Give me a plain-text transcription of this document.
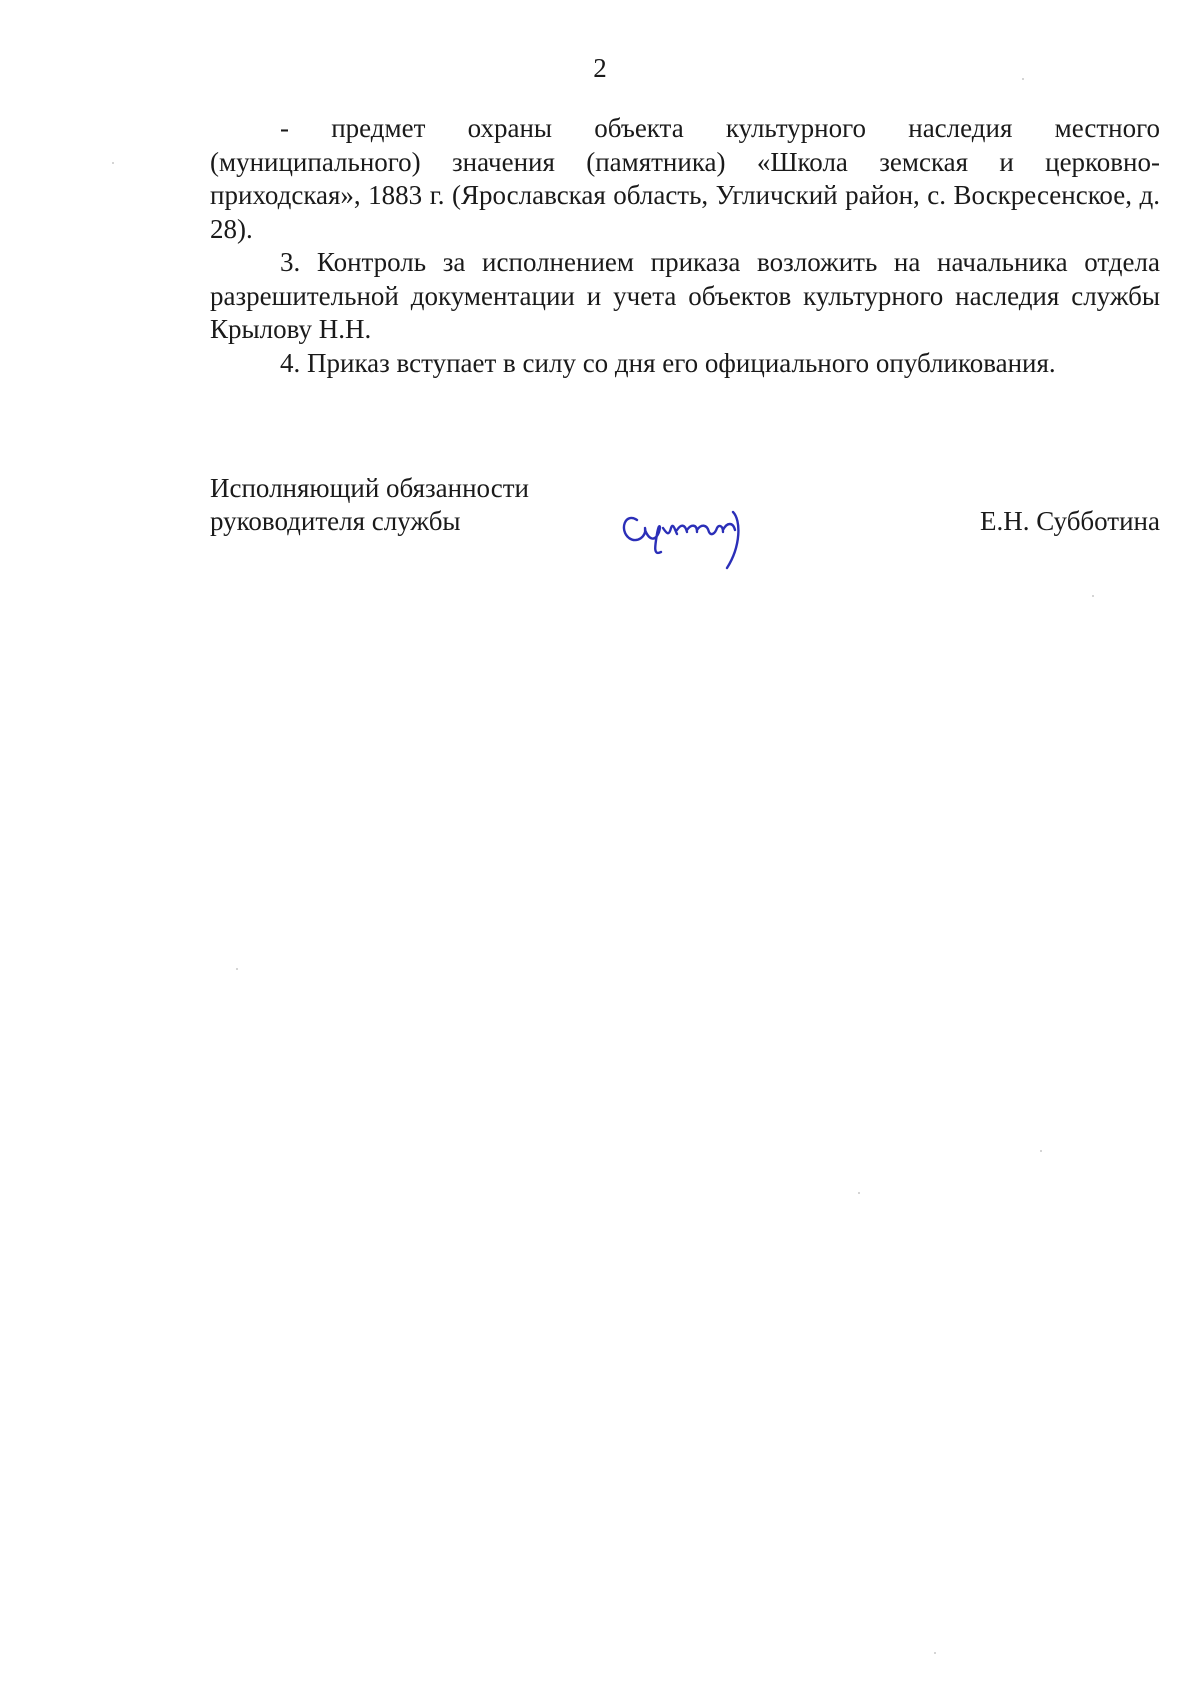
2

- предмет охраны объекта культурного наследия местного (муниципального) значения (памятника) «Школа земская и церковно-приходская», 1883 г. (Ярославская область, Угличский район, с. Воскресенское, д. 28).

3. Контроль за исполнением приказа возложить на начальника отдела разрешительной документации и учета объектов культурного наследия службы Крылову Н.Н.

4. Приказ вступает в силу со дня его официального опубликования.

Исполняющий обязанности
руководителя службы	Е.Н. Субботина
